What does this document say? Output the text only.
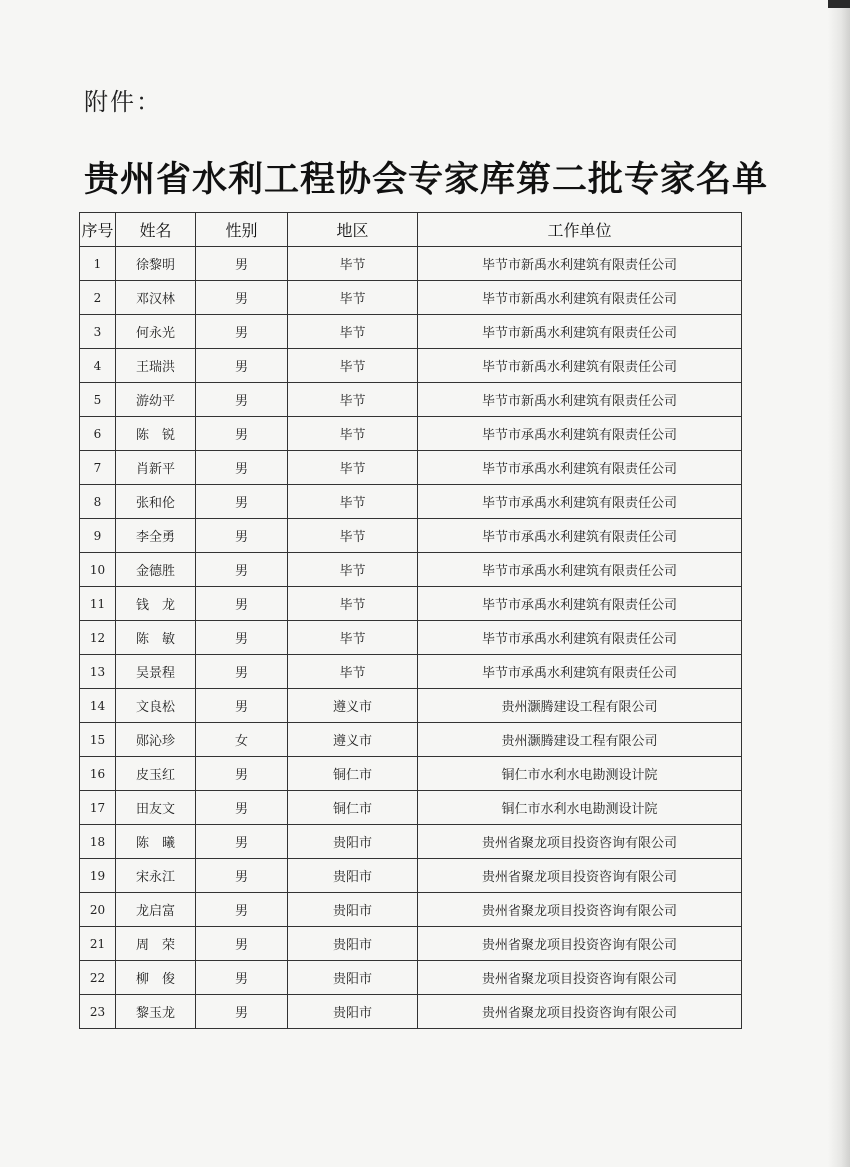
附件：
贵州省水利工程协会专家库第二批专家名单
序号	姓名	性别	地区	工作单位
1	徐黎明	男	毕节	毕节市新禹水利建筑有限责任公司
2	邓汉林	男	毕节	毕节市新禹水利建筑有限责任公司
3	何永光	男	毕节	毕节市新禹水利建筑有限责任公司
4	王瑞洪	男	毕节	毕节市新禹水利建筑有限责任公司
5	游幼平	男	毕节	毕节市新禹水利建筑有限责任公司
6	陈　锐	男	毕节	毕节市承禹水利建筑有限责任公司
7	肖新平	男	毕节	毕节市承禹水利建筑有限责任公司
8	张和伦	男	毕节	毕节市承禹水利建筑有限责任公司
9	李全勇	男	毕节	毕节市承禹水利建筑有限责任公司
10	金德胜	男	毕节	毕节市承禹水利建筑有限责任公司
11	钱　龙	男	毕节	毕节市承禹水利建筑有限责任公司
12	陈　敏	男	毕节	毕节市承禹水利建筑有限责任公司
13	吴景程	男	毕节	毕节市承禹水利建筑有限责任公司
14	文良松	男	遵义市	贵州灏腾建设工程有限公司
15	郧沁珍	女	遵义市	贵州灏腾建设工程有限公司
16	皮玉红	男	铜仁市	铜仁市水利水电勘测设计院
17	田友文	男	铜仁市	铜仁市水利水电勘测设计院
18	陈　曦	男	贵阳市	贵州省聚龙项目投资咨询有限公司
19	宋永江	男	贵阳市	贵州省聚龙项目投资咨询有限公司
20	龙启富	男	贵阳市	贵州省聚龙项目投资咨询有限公司
21	周　荣	男	贵阳市	贵州省聚龙项目投资咨询有限公司
22	柳　俊	男	贵阳市	贵州省聚龙项目投资咨询有限公司
23	黎玉龙	男	贵阳市	贵州省聚龙项目投资咨询有限公司
